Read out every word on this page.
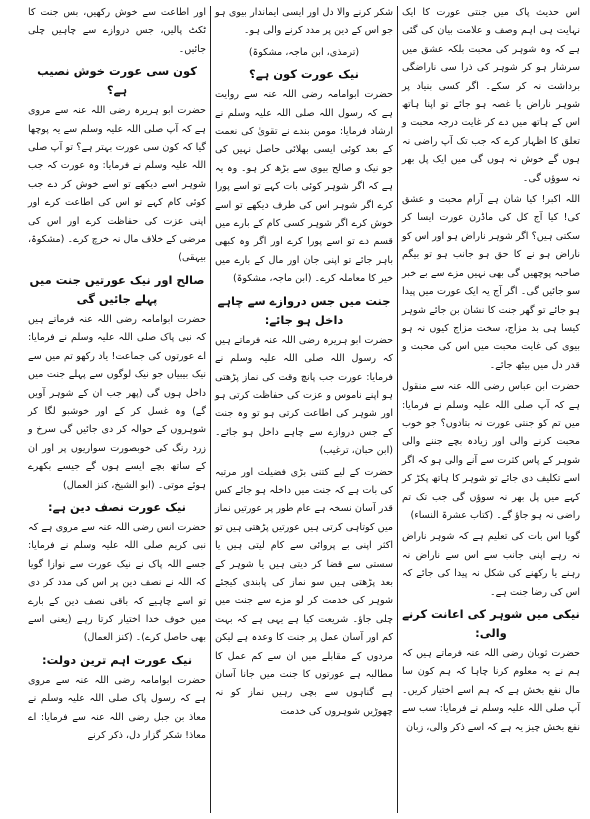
اس حدیث پاک میں جنتی عورت کا ایک نہایت ہی اہم وصف و علامت بیان کی گئی ہے کہ وہ شوہر کی محبت بلکہ عشق میں سرشار ہو کر شوہر کی ذرا سی ناراضگی برداشت نہ کر سکے۔ اگر کسی بنیاد پر شوہر ناراض یا غصہ ہو جائے تو اپنا ہاتھ اس کے ہاتھ میں دے کر غایت درجہ محبت و تعلق کا اظہار کرے کہ جب تک آپ راضی نہ ہوں گے خوش نہ ہوں گی میں ایک پل بھر نہ سوؤں گی۔

اللہ اکبر! کیا شان ہے آرام محبت و عشق کی! کیا آج کل کی ماڈرن عورت ایسا کر سکتی ہیں؟ اگر شوہر ناراض ہو اور اس کو ناراض ہو نے کا حق ہو جانب ہو تو بیگم صاحبہ پوچھیں گی بھی نہیں مزے سے بے خبر سو جائیں گی۔ اگر آج یہ ایک عورت میں پیدا ہو جائے تو گھر جنت کا نشان بن جائے شوہر کیسا ہی بد مزاج، سخت مزاج کیوں نہ ہو بیوی کی غایت محبت میں اس کی محبت و قدر دل میں بیٹھ جائے۔

حضرت ابن عباس رضی اللہ عنہ سے منقول ہے کہ آپ صلی اللہ علیہ وسلم نے فرمایا: میں تم کو جنتی عورت نہ بتادوں؟ جو خوب محبت کرنے والی اور زیادہ بچے جننے والی شوہر کے پاس کثرت سے آنے والی ہو کہ اگر اسے تکلیف دی جائے تو شوہر کا ہاتھ پکڑ کر کہے میں پل بھر نہ سوؤں گی جب تک تم راضی نہ ہو جاؤ گے۔ (کتاب عشرۃ النساء)

گویا اس بات کی تعلیم ہے کہ شوہر ناراض نہ رہے اپنی جانب سے اس سے ناراض نہ رہنے یا رکھنے کی شکل نہ پیدا کی جائے کہ اس کی رضا جنت ہے۔

نیکی میں شوہر کی اعانت کرنے والی:

حضرت ثوبان رضی اللہ عنہ فرماتے ہیں کہ ہم نے یہ معلوم کرنا چاہا کہ ہم کون سا مال نفع بخش ہے کہ ہم اسے اختیار کریں۔ آپ صلی اللہ علیہ وسلم نے فرمایا: سب سے نفع بخش چیز یہ ہے کہ اسے ذکر والی، زبان

شکر کرنے والا دل اور ایسی ایماندار بیوی ہو جو اس کے دین پر مدد کرنے والی ہو۔

(ترمذی، ابن ماجہ، مشکوۃ)

نیک عورت کون ہے؟

حضرت ابوامامہ رضی اللہ عنہ سے روایت ہے کہ رسول اللہ صلی اللہ علیہ وسلم نے ارشاد فرمایا: مومن بندے نے تقویٰ کی نعمت کے بعد کوئی ایسی بھلائی حاصل نہیں کی جو نیک و صالح بیوی سے بڑھ کر ہو۔ وہ یہ ہے کہ اگر شوہر کوئی بات کہے تو اسے پورا کرے اگر شوہر اس کی طرف دیکھے تو اسے خوش کرے اگر شوہر کسی کام کے بارے میں قسم دے تو اسے پورا کرے اور اگر وہ کبھی باہر جائے تو اپنی جان اور مال کے بارے میں خیر کا معاملہ کرے۔ (ابن ماجہ، مشکوۃ)

جنت میں جس دروازے سے چاہے داخل ہو جائے:

حضرت ابو ہریرہ رضی اللہ عنہ فرماتے ہیں کہ رسول اللہ صلی اللہ علیہ وسلم نے فرمایا: عورت جب پانچ وقت کی نماز پڑھتی ہو اپنے ناموس و عزت کی حفاظت کرتی ہو اور شوہر کی اطاعت کرتی ہو تو وہ جنت کے جس دروازے سے چاہے داخل ہو جائے۔ (ابن حبان، ترغیب)

حضرت کے لیے کتنی بڑی فضیلت اور مرتبہ کی بات ہے کہ جنت میں داخلہ ہو جائے کس قدر آسان نسخہ ہے عام طور پر عورتیں نماز میں کوتاہی کرتی ہیں عورتیں پڑھتی ہیں تو اکثر اپنی بے پروائی سے کام لیتی ہیں یا سستی سے قضا کر دیتی ہیں یا شوہر کے بعد پڑھتی ہیں سو نماز کی پابندی کیجئے شوہر کی خدمت کر لو مزے سے جنت میں چلی جاؤ۔ شریعت کیا ہے یہی ہے کہ بہت کم اور آسان عمل پر جنت کا وعدہ ہے لیکن مردوں کے مقابلے میں ان سے کم عمل کا مطالبہ ہے عورتوں کا جنت میں جانا آسان ہے گناہوں سے بچی رہیں نماز کو نہ چھوڑیں شوہروں کی خدمت

اور اطاعت سے خوش رکھیں، بس جنت کا ٹکٹ پالیں، جس دروازے سے چاہیں چلی جائیں۔

کون سی عورت خوش نصیب ہے؟

حضرت ابو ہریرہ رضی اللہ عنہ سے مروی ہے کہ آپ صلی اللہ علیہ وسلم سے یہ پوچھا گیا کہ کون سی عورت بہتر ہے؟ تو آپ صلی اللہ علیہ وسلم نے فرمایا: وہ عورت کہ جب شوہر اسے دیکھے تو اسے خوش کر دے جب کوئی کام کہے تو اس کی اطاعت کرے اور اپنی عزت کی حفاظت کرے اور اس کی مرضی کے خلاف مال نہ خرچ کرے۔ (مشکوۃ، بیہقی)

صالح اور نیک عورتیں جنت میں پہلے جائیں گی

حضرت ابوامامہ رضی اللہ عنہ فرماتے ہیں کہ نبی پاک صلی اللہ علیہ وسلم نے فرمایا: اے عورتوں کی جماعت! یاد رکھو تم میں سے نیک بیبیاں جو نیک لوگوں سے پہلے جنت میں داخل ہوں گی (پھر جب ان کے شوہر آویں گے) وہ غسل کر کے اور خوشبو لگا کر شوہروں کے حوالہ کر دی جائیں گی سرخ و زرد رنگ کی خوبصورت سواریوں پر اور ان کے ساتھ بچے ایسے ہوں گے جیسے بکھرے ہوئے موتی۔ (ابو الشیخ، کنز العمال)

نیک عورت نصف دین ہے:

حضرت انس رضی اللہ عنہ سے مروی ہے کہ نبی کریم صلی اللہ علیہ وسلم نے فرمایا: جسے اللہ پاک نے نیک عورت سے نوازا گویا کہ اللہ نے نصف دین پر اس کی مدد کر دی تو اسے چاہیے کہ باقی نصف دین کے بارے میں خوف خدا اختیار کرتا رہے (یعنی اسے بھی حاصل کرے)۔ (کنز العمال)

نیک عورت اہم ترین دولت:

حضرت ابوامامہ رضی اللہ عنہ سے مروی ہے کہ رسول پاک صلی اللہ علیہ وسلم نے معاذ بن جبل رضی اللہ عنہ سے فرمایا: اے معاذ! شکر گزار دل، ذکر کرنے
